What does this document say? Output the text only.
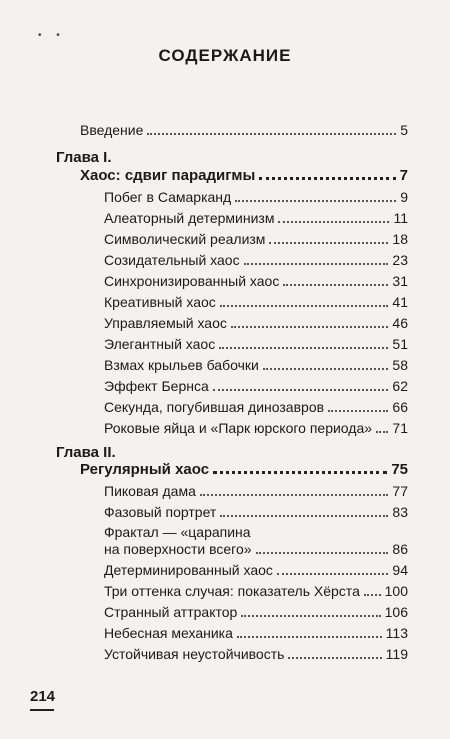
• •
СОДЕРЖАНИЕ
Введение	5
Глава I.
Хаос: сдвиг парадигмы	7
Побег в Самарканд	9
Алеаторный детерминизм	11
Символический реализм	18
Созидательный хаос	23
Синхронизированный хаос	31
Креативный хаос	41
Управляемый хаос	46
Элегантный хаос	51
Взмах крыльев бабочки	58
Эффект Бернса	62
Секунда, погубившая динозавров	66
Роковые яйца и «Парк юрского периода» 71
Глава II.
Регулярный хаос	75
Пиковая дама	77
Фазовый портрет	83
Фрактал — «царапина
на поверхности всего»	86
Детерминированный хаос	94
Три оттенка случая: показатель Хёрста 100
Странный аттрактор	106
Небесная механика	113
Устойчивая неустойчивость	119
214
